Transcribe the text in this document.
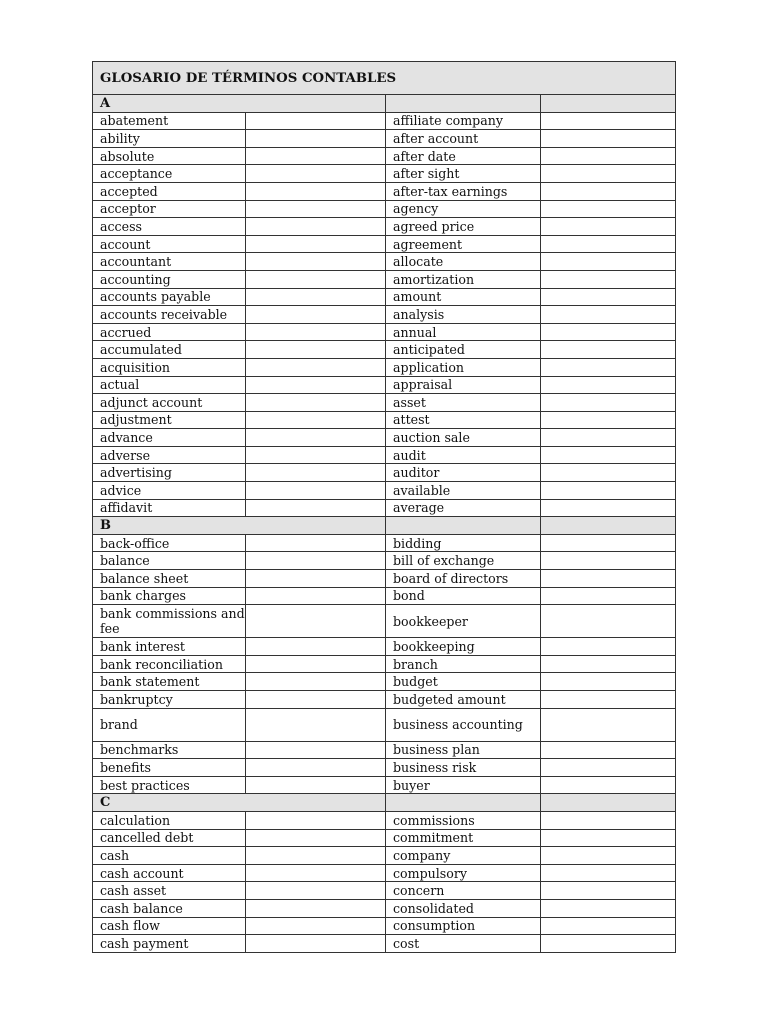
GLOSARIO DE TÉRMINOS CONTABLES			
A			
abatement		affiliate company	
ability		after account	
absolute		after date	
acceptance		after sight	
accepted		after-tax earnings	
acceptor		agency	
access		agreed price	
account		agreement	
accountant		allocate	
accounting		amortization	
accounts payable		amount	
accounts receivable		analysis	
accrued		annual	
accumulated		anticipated	
acquisition		application	
actual		appraisal	
adjunct account		asset	
adjustment		attest	
advance		auction sale	
adverse		audit	
advertising		auditor	
advice		available	
affidavit		average	
B			
back-office		bidding	
balance		bill of exchange	
balance sheet		board of directors	
bank charges		bond	
bank commissions and fee		bookkeeper	
bank interest		bookkeeping	
bank reconciliation		branch	
bank statement		budget	
bankruptcy		budgeted amount	
brand		business accounting	
benchmarks		business plan	
benefits		business risk	
best practices		buyer	
C			
calculation		commissions	
cancelled debt		commitment	
cash		company	
cash account		compulsory	
cash asset		concern	
cash balance		consolidated	
cash flow		consumption	
cash payment		cost	
